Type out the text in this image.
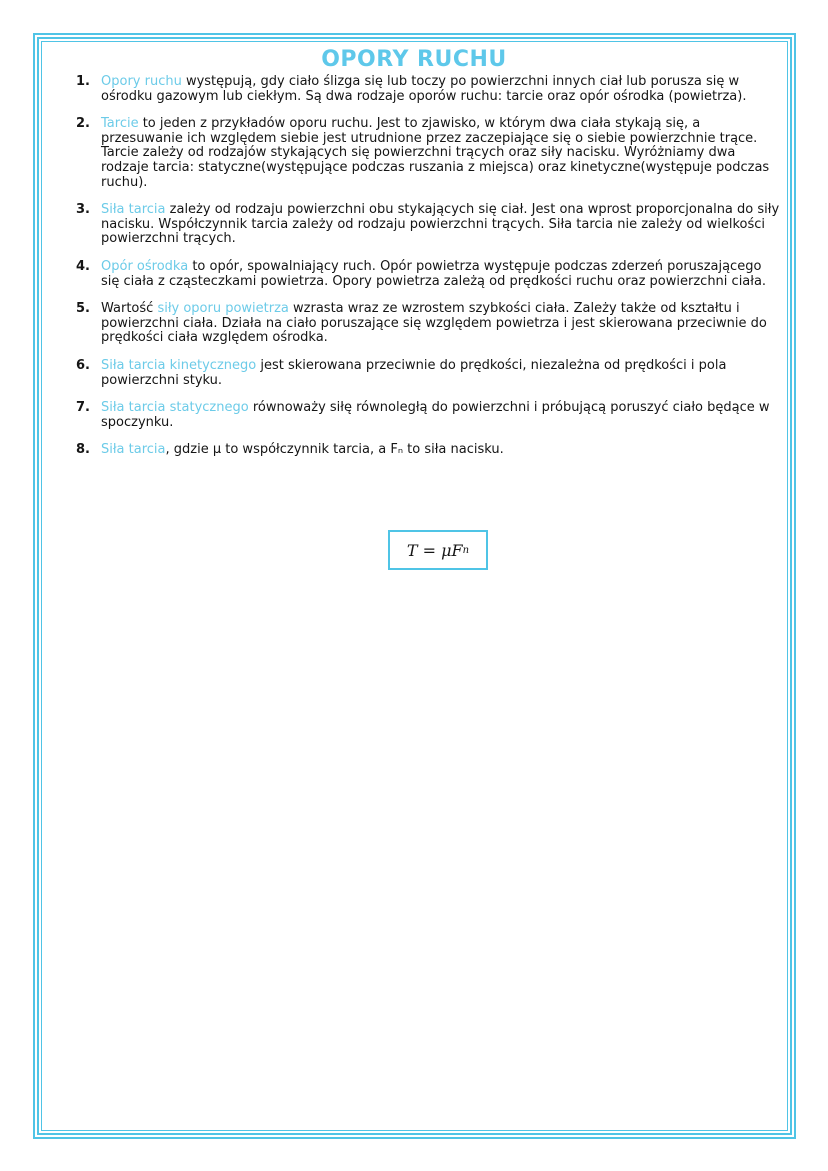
OPORY RUCHU
1. Opory ruchu występują, gdy ciało ślizga się lub toczy po powierzchni innych ciał lub porusza się w ośrodku gazowym lub ciekłym. Są dwa rodzaje oporów ruchu: tarcie oraz opór ośrodka (powietrza).
2. Tarcie to jeden z przykładów oporu ruchu. Jest to zjawisko, w którym dwa ciała stykają się, a przesuwanie ich względem siebie jest utrudnione przez zaczepiające się o siebie powierzchnie trące. Tarcie zależy od rodzajów stykających się powierzchni trących oraz siły nacisku. Wyróżniamy dwa rodzaje tarcia: statyczne(występujące podczas ruszania z miejsca) oraz kinetyczne(występuje podczas ruchu).
3. Siła tarcia zależy od rodzaju powierzchni obu stykających się ciał. Jest ona wprost proporcjonalna do siły nacisku. Współczynnik tarcia zależy od rodzaju powierzchni trących. Siła tarcia nie zależy od wielkości powierzchni trących.
4. Opór ośrodka to opór, spowalniający ruch. Opór powietrza występuje podczas zderzeń poruszającego się ciała z cząsteczkami powietrza. Opory powietrza zależą od prędkości ruchu oraz powierzchni ciała.
5. Wartość siły oporu powietrza wzrasta wraz ze wzrostem szybkości ciała. Zależy także od kształtu i powierzchni ciała. Działa na ciało poruszające się względem powietrza i jest skierowana przeciwnie do prędkości ciała względem ośrodka.
6. Siła tarcia kinetycznego jest skierowana przeciwnie do prędkości, niezależna od prędkości i pola powierzchni styku.
7. Siła tarcia statycznego równoważy siłę równoległą do powierzchni i próbującą poruszyć ciało będące w spoczynku.
8. Siła tarcia, gdzie μ to współczynnik tarcia, a Fₙ to siła nacisku.
T = μF n
